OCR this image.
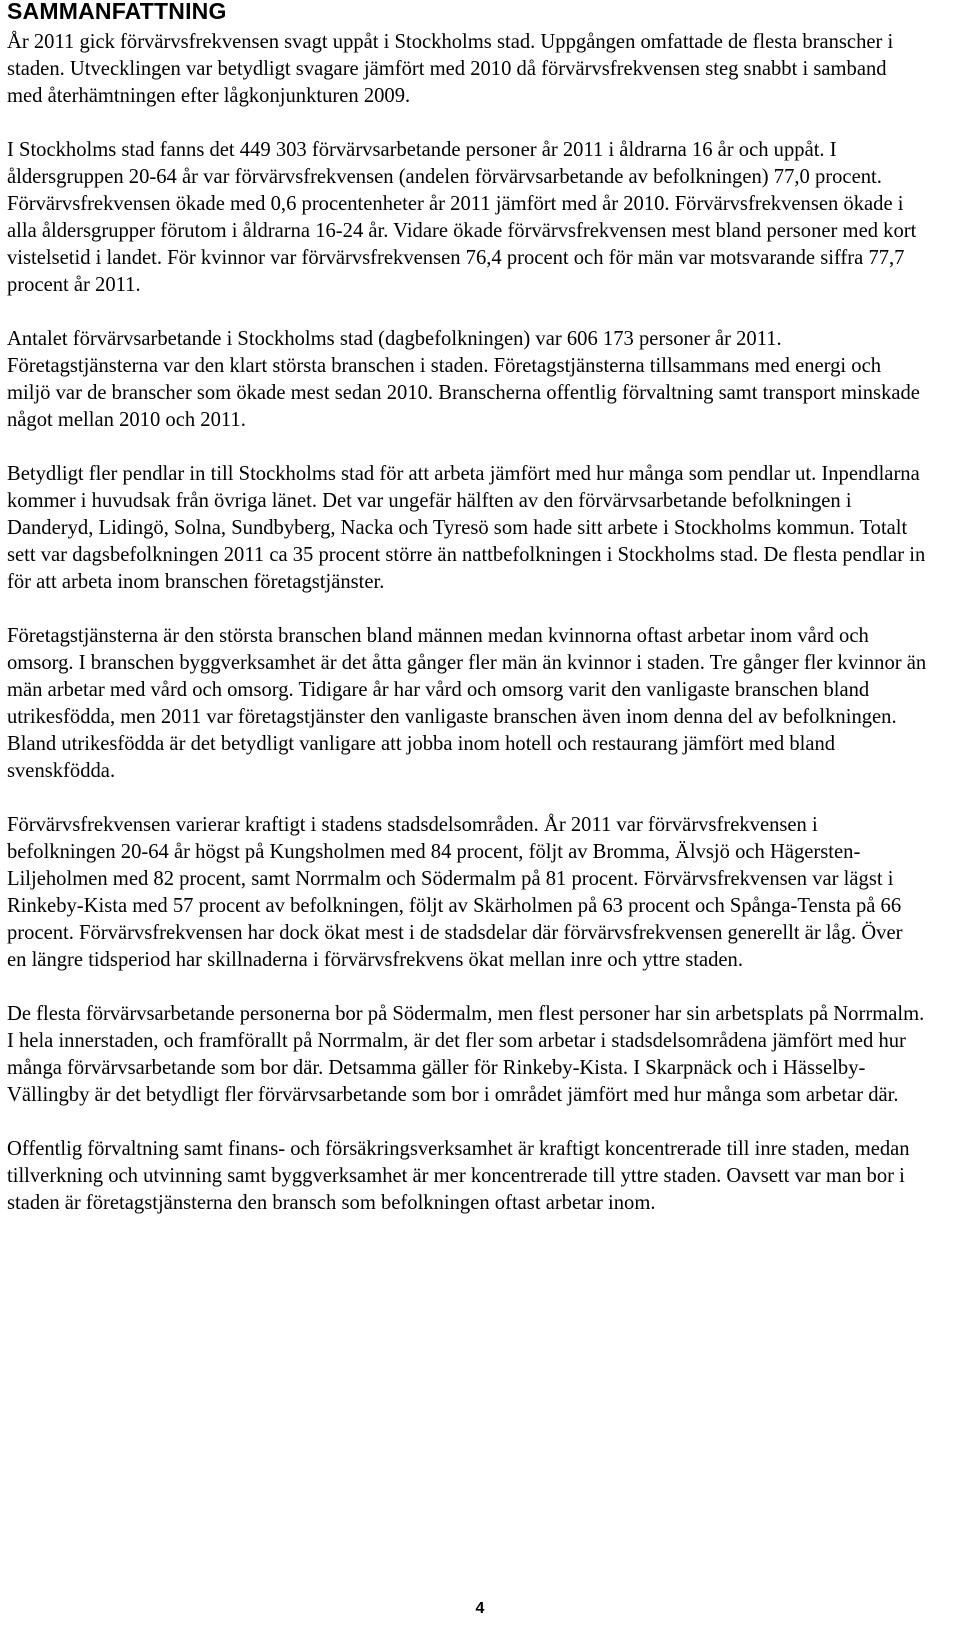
SAMMANFATTNING

År 2011 gick förvärvsfrekvensen svagt uppåt i Stockholms stad. Uppgången omfattade de flesta branscher i staden. Utvecklingen var betydligt svagare jämfört med 2010 då förvärvsfrekvensen steg snabbt i samband med återhämtningen efter lågkonjunkturen 2009.

I Stockholms stad fanns det 449 303 förvärvsarbetande personer år 2011 i åldrarna 16 år och uppåt. I åldersgruppen 20-64 år var förvärvsfrekvensen (andelen förvärvsarbetande av befolkningen) 77,0 procent. Förvärvsfrekvensen ökade med 0,6 procentenheter år 2011 jämfört med år 2010. Förvärvsfrekvensen ökade i alla åldersgrupper förutom i åldrarna 16-24 år. Vidare ökade förvärvsfrekvensen mest bland personer med kort vistelsetid i landet. För kvinnor var förvärvsfrekvensen 76,4 procent och för män var motsvarande siffra 77,7 procent år 2011.

Antalet förvärvsarbetande i Stockholms stad (dagbefolkningen) var 606 173 personer år 2011. Företagstjänsterna var den klart största branschen i staden. Företagstjänsterna tillsammans med energi och miljö var de branscher som ökade mest sedan 2010. Branscherna offentlig förvaltning samt transport minskade något mellan 2010 och 2011.

Betydligt fler pendlar in till Stockholms stad för att arbeta jämfört med hur många som pendlar ut. Inpendlarna kommer i huvudsak från övriga länet. Det var ungefär hälften av den förvärvsarbetande befolkningen i Danderyd, Lidingö, Solna, Sundbyberg, Nacka och Tyresö som hade sitt arbete i Stockholms kommun. Totalt sett var dagsbefolkningen 2011 ca 35 procent större än nattbefolkningen i Stockholms stad. De flesta pendlar in för att arbeta inom branschen företagstjänster.

Företagstjänsterna är den största branschen bland männen medan kvinnorna oftast arbetar inom vård och omsorg. I branschen byggverksamhet är det åtta gånger fler män än kvinnor i staden. Tre gånger fler kvinnor än män arbetar med vård och omsorg. Tidigare år har vård och omsorg varit den vanligaste branschen bland utrikesfödda, men 2011 var företagstjänster den vanligaste branschen även inom denna del av befolkningen. Bland utrikesfödda är det betydligt vanligare att jobba inom hotell och restaurang jämfört med bland svenskfödda.

Förvärvsfrekvensen varierar kraftigt i stadens stadsdelsområden. År 2011 var förvärvsfrekvensen i befolkningen 20-64 år högst på Kungsholmen med 84 procent, följt av Bromma, Älvsjö och Hägersten-Liljeholmen med 82 procent, samt Norrmalm och Södermalm på 81 procent. Förvärvsfrekvensen var lägst i Rinkeby-Kista med 57 procent av befolkningen, följt av Skärholmen på 63 procent och Spånga-Tensta på 66 procent. Förvärvsfrekvensen har dock ökat mest i de stadsdelar där förvärvsfrekvensen generellt är låg. Över en längre tidsperiod har skillnaderna i förvärvsfrekvens ökat mellan inre och yttre staden.

De flesta förvärvsarbetande personerna bor på Södermalm, men flest personer har sin arbetsplats på Norrmalm. I hela innerstaden, och framförallt på Norrmalm, är det fler som arbetar i stadsdelsområdena jämfört med hur många förvärvsarbetande som bor där. Detsamma gäller för Rinkeby-Kista. I Skarpnäck och i Hässelby-Vällingby är det betydligt fler förvärvsarbetande som bor i området jämfört med hur många som arbetar där.

Offentlig förvaltning samt finans- och försäkringsverksamhet är kraftigt koncentrerade till inre staden, medan tillverkning och utvinning samt byggverksamhet är mer koncentrerade till yttre staden. Oavsett var man bor i staden är företagstjänsterna den bransch som befolkningen oftast arbetar inom.

4
